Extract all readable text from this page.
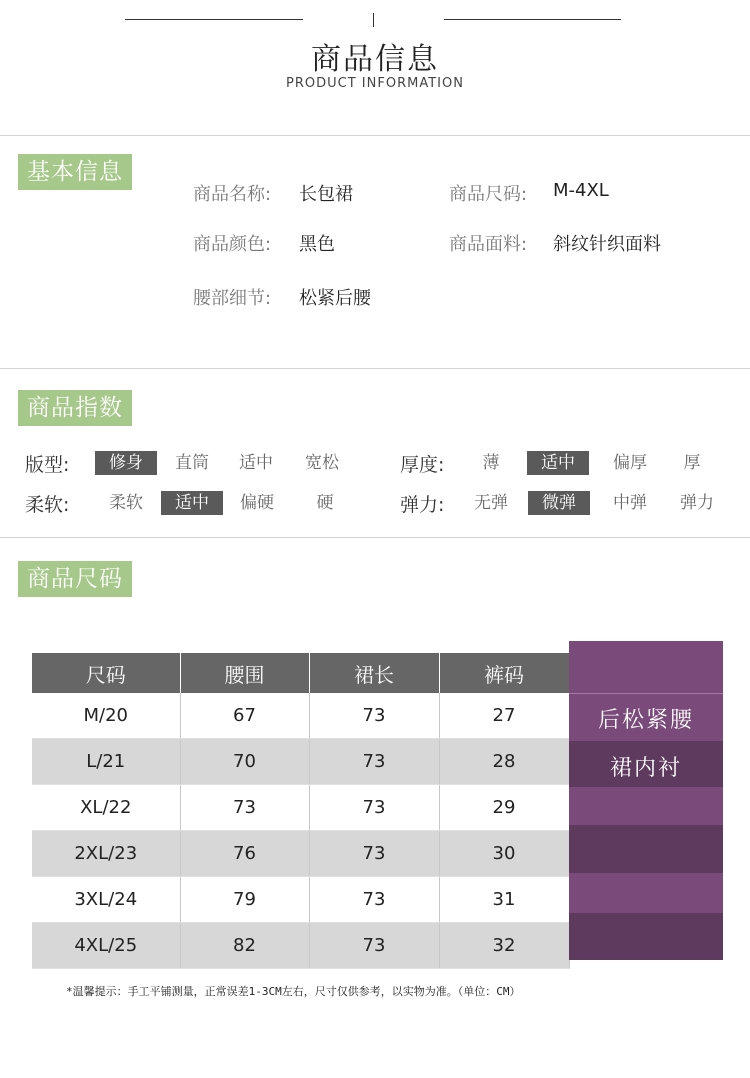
商品信息
PRODUCT INFORMATION
基本信息
商品名称: 长包裙	商品尺码: M-4XL
商品颜色: 黑色	商品面料: 斜纹针织面料
腰部细节: 松紧后腰
商品指数
版型:	修身	直筒	适中	宽松	厚度:	薄	适中	偏厚	厚
柔软:	柔软	适中	偏硬	硬	弹力:	无弹	微弹	中弹	弹力
商品尺码
尺码	腰围	裙长	裤码
M/20	67	73	27
L/21	70	73	28
XL/22	73	73	29
2XL/23	76	73	30
3XL/24	79	73	31
4XL/25	82	73	32
后松紧腰
裙内衬
*温馨提示：手工平铺测量，正常误差1-3CM左右，尺寸仅供参考，以实物为准。（单位：CM）
